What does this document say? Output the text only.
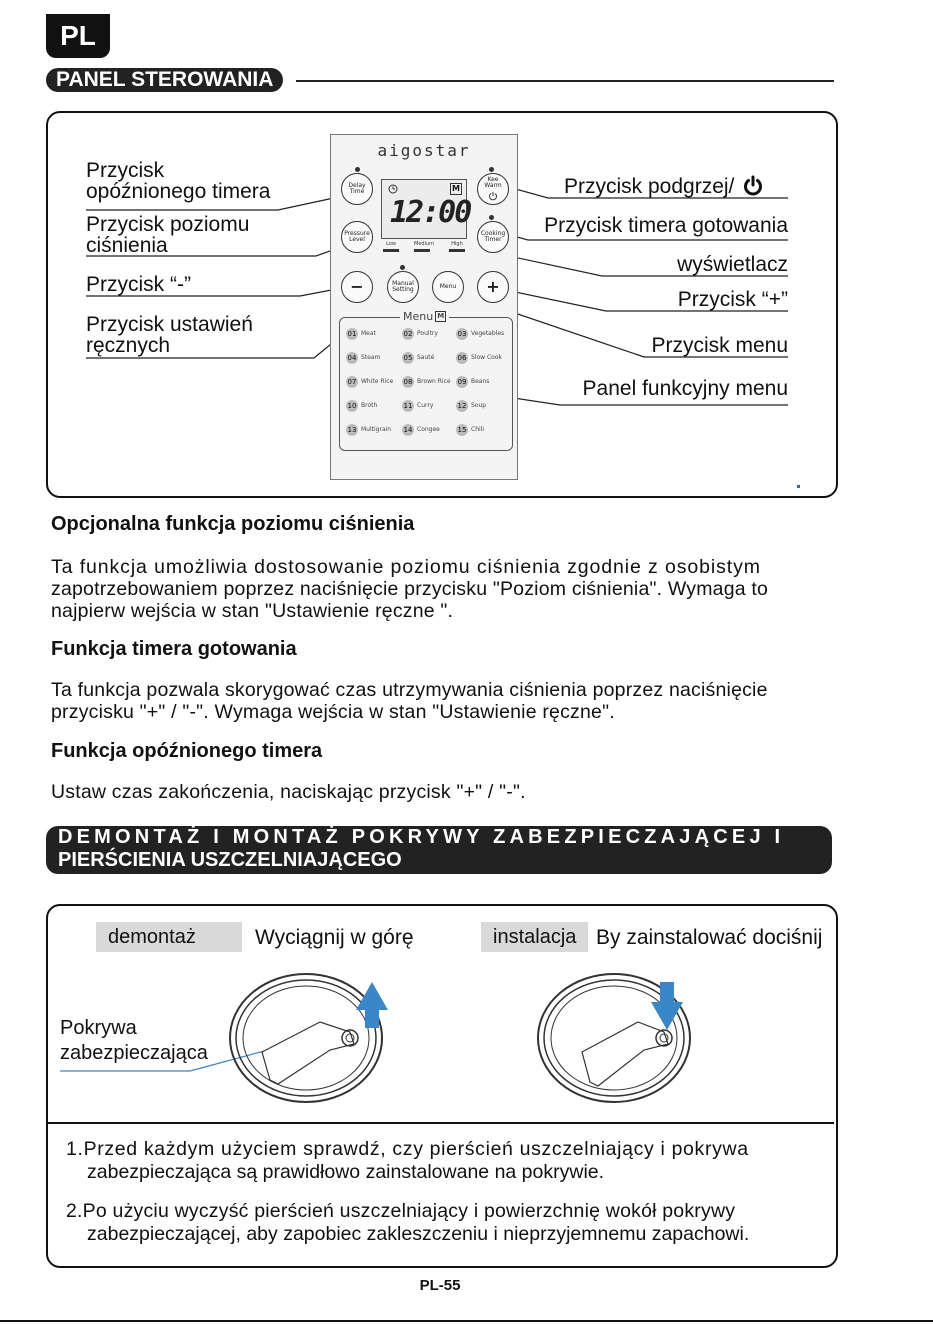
PL
PANEL STEROWANIA
Przycisk
opóźnionego timera
Przycisk poziomu
ciśnienia
Przycisk “-”
Przycisk ustawień
ręcznych
Przycisk podgrzej/
Przycisk timera gotowania
wyświetlacz
Przycisk “+”
Przycisk menu
Panel funkcyjny menu
aigostar
Delay Time
Kee Warm
M
12:00
Low	Medium	High
Pressure Level
Cooking Timer
−	Manual Setting	Menu	+
Menu M
01 Meat	02 Poultry	03 Vegetables
04 Steam	05 Sauté	06 Slow Cook
07 White Rice 08 Brown Rice 09 Beans
10 Broth	11 Curry	12 Soup
13 Multigrain 14 Congee	15 Chili
Opcjonalna funkcja poziomu ciśnienia
Ta funkcja umożliwia dostosowanie poziomu ciśnienia zgodnie z osobistym
zapotrzebowaniem poprzez naciśnięcie przycisku "Poziom ciśnienia". Wymaga to
najpierw wejścia w stan "Ustawienie ręczne ".
Funkcja timera gotowania
Ta funkcja pozwala skorygować czas utrzymywania ciśnienia poprzez naciśnięcie
przycisku "+" / "-". Wymaga wejścia w stan "Ustawienie ręczne".
Funkcja opóźnionego timera
Ustaw czas zakończenia, naciskając przycisk "+" / "-".
DEMONTAŻ I MONTAŻ POKRYWY ZABEZPIECZAJĄCEJ I
PIERŚCIENIA USZCZELNIAJĄCEGO
demontaż	Wyciągnij w górę	instalacja By zainstalować dociśnij
Pokrywa
zabezpieczająca
1.Przed każdym użyciem sprawdź, czy pierścień uszczelniający i pokrywa
zabezpieczająca są prawidłowo zainstalowane na pokrywie.
2.Po użyciu wyczyść pierścień uszczelniający i powierzchnię wokół pokrywy
zabezpieczającej, aby zapobiec zakleszczeniu i nieprzyjemnemu zapachowi.
PL-55
